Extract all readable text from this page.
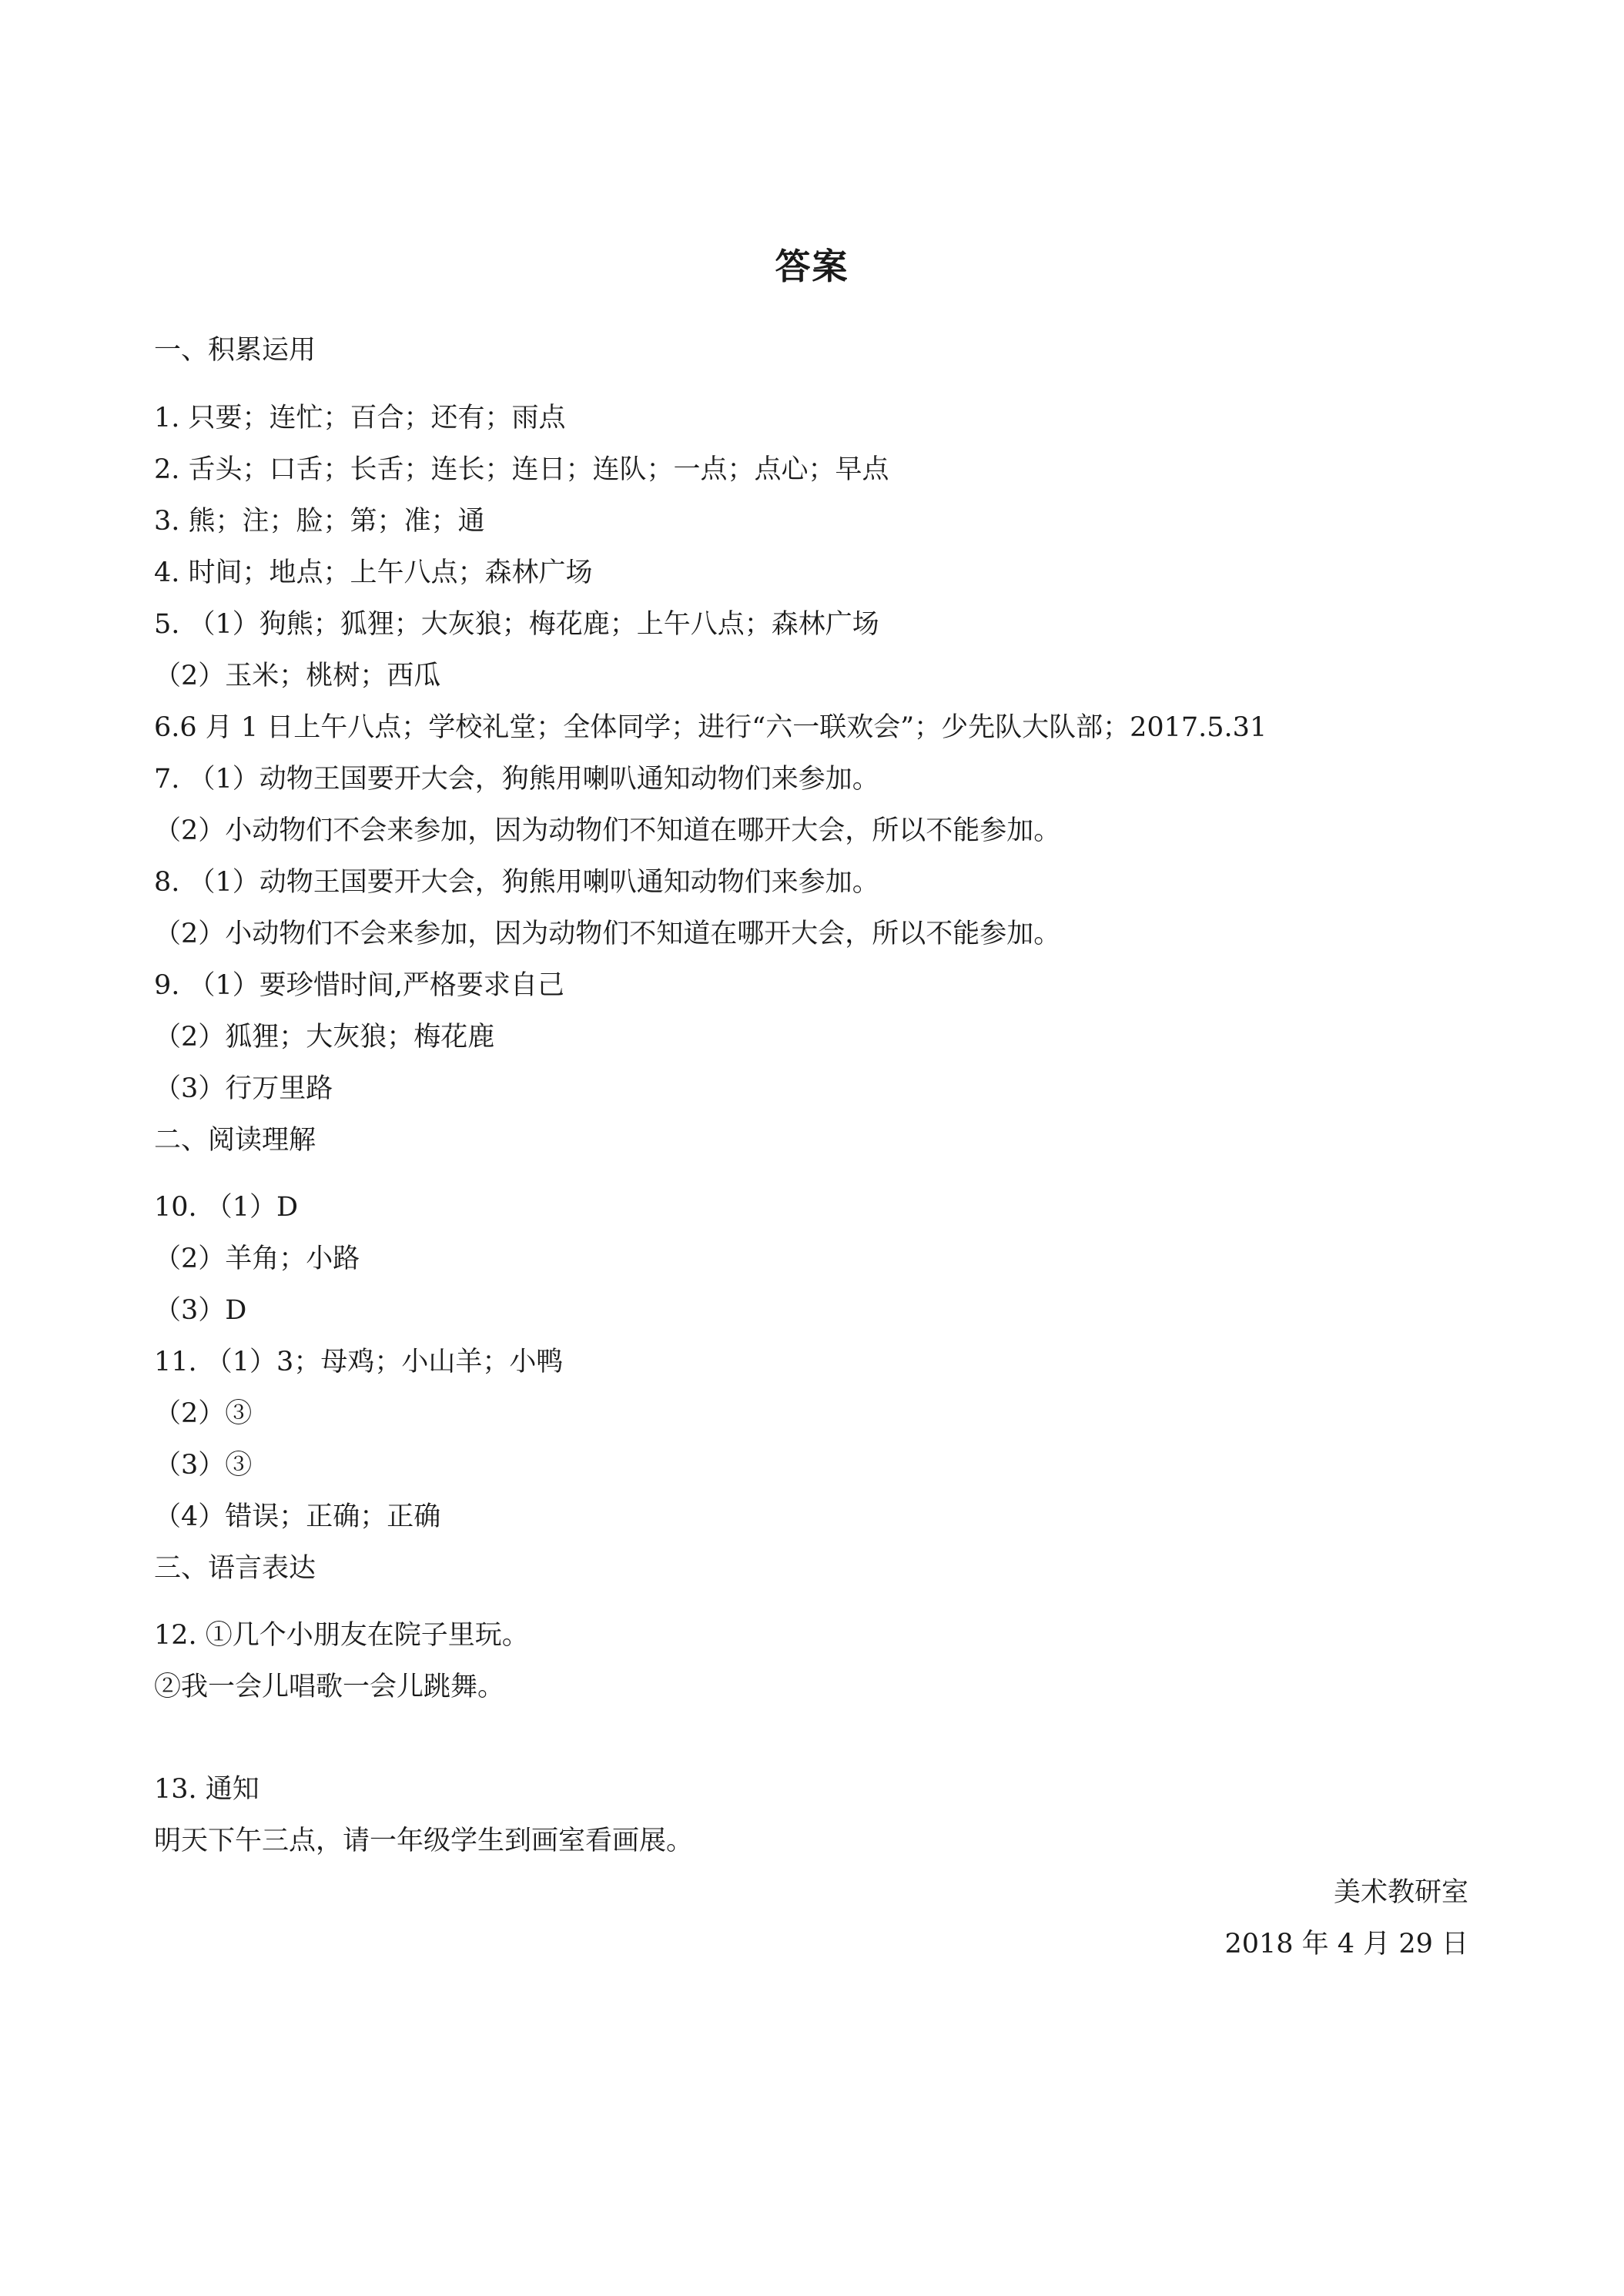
答案
一、积累运用
1. 只要；连忙；百合；还有；雨点
2. 舌头；口舌；长舌；连长；连日；连队；一点；点心；早点
3. 熊；注；脸；第；准；通
4. 时间；地点；上午八点；森林广场
5. （1）狗熊；狐狸；大灰狼；梅花鹿；上午八点；森林广场
（2）玉米；桃树；西瓜
6.6 月 1 日上午八点；学校礼堂；全体同学；进行“六一联欢会”；少先队大队部；2017.5.31
7. （1）动物王国要开大会，狗熊用喇叭通知动物们来参加。
（2）小动物们不会来参加，因为动物们不知道在哪开大会，所以不能参加。
8. （1）动物王国要开大会，狗熊用喇叭通知动物们来参加。
（2）小动物们不会来参加，因为动物们不知道在哪开大会，所以不能参加。
9. （1）要珍惜时间,严格要求自己
（2）狐狸；大灰狼；梅花鹿
（3）行万里路
二、阅读理解
10. （1）D
（2）羊角；小路
（3）D
11. （1）3；母鸡；小山羊；小鸭
（2）③
（3）③
（4）错误；正确；正确
三、语言表达
12. ①几个小朋友在院子里玩。
②我一会儿唱歌一会儿跳舞。
13. 通知
明天下午三点，请一年级学生到画室看画展。
美术教研室
2018 年 4 月 29 日
